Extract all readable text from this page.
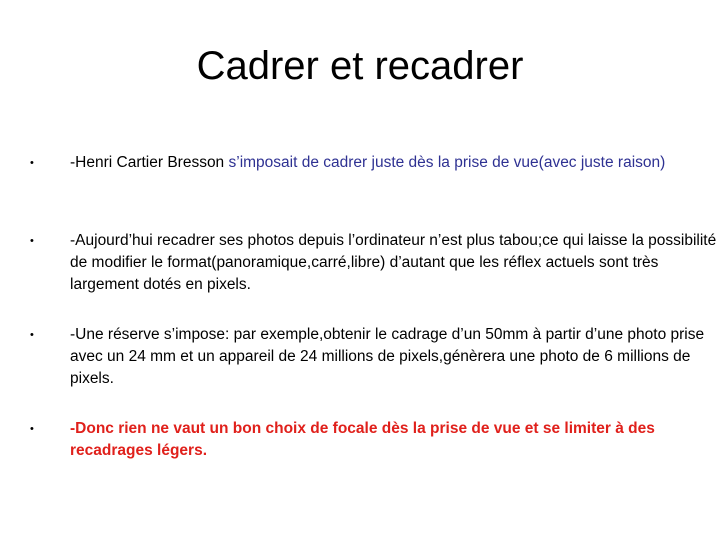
Cadrer et recadrer
• -Henri Cartier Bresson s’imposait de cadrer juste dès la prise de vue(avec juste raison)
• -Aujourd’hui recadrer ses photos depuis l’ordinateur n’est plus tabou;ce qui laisse la possibilité de modifier le format(panoramique,carré,libre) d’autant que les réflex actuels sont très largement dotés en pixels.
• -Une réserve s’impose: par exemple,obtenir le cadrage d’un 50mm à partir d’une photo prise avec un 24 mm et un appareil de 24 millions de pixels,génèrera une photo de 6 millions de pixels.
• -Donc rien ne vaut un bon choix de focale dès la prise de vue et se limiter à des recadrages légers.
